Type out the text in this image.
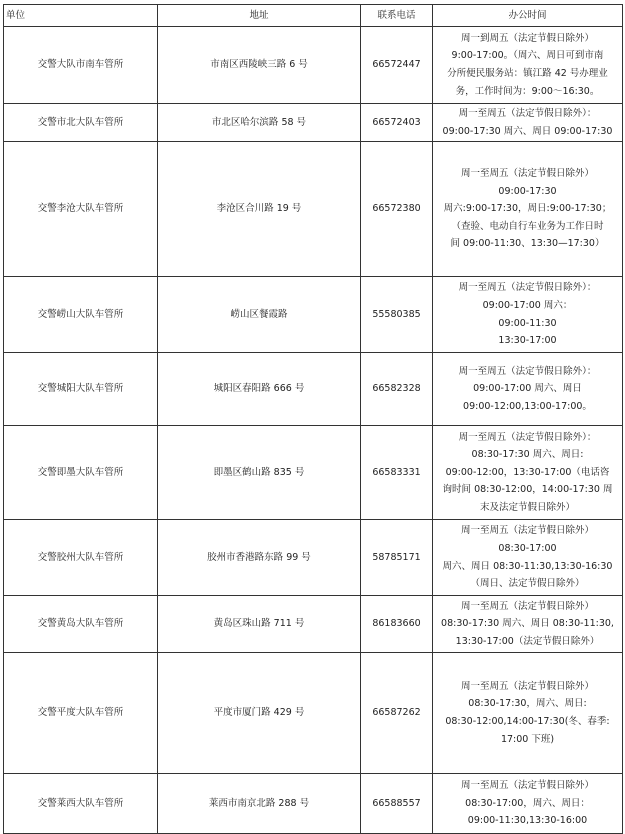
单位	地址	联系电话	办公时间
交警大队市南车管所	市南区西陵峡三路 6 号	66572447	周一到周五（法定节假日除外）
9:00-17:00。（周六、周日可到市南
分所便民服务站：镇江路 42 号办理业
务，工作时间为：9:00～16:30。

交警市北大队车管所	市北区哈尔滨路 58 号	66572403	周一至周五（法定节假日除外）：
09:00-17:30 周六、周日 09:00-17:30

交警李沧大队车管所	李沧区合川路 19 号	66572380	周一至周五（法定节假日除外）
09:00-17:30
周六:9:00-17:30，周日:9:00-17:30；
（查验、电动自行车业务为工作日时
间 09:00-11:30、13:30—17:30）

交警崂山大队车管所	崂山区餐霞路	55580385	周一至周五（法定节假日除外）：
09:00-17:00 周六：
09:00-11:30
13:30-17:00

交警城阳大队车管所	城阳区春阳路 666 号	66582328	周一至周五（法定节假日除外）：
09:00-17:00 周六、周日
09:00-12:00,13:00-17:00。

交警即墨大队车管所	即墨区鹤山路 835 号	66583331	周一至周五（法定节假日除外）：
08:30-17:30 周六、周日:
09:00-12:00，13:30-17:00（电话咨
询时间 08:30-12:00，14:00-17:30 周
末及法定节假日除外）

交警胶州大队车管所	胶州市香港路东路 99 号	58785171	周一至周五（法定节假日除外）
08:30-17:00
周六、周日 08:30-11:30,13:30-16:30
（周日、法定节假日除外）

交警黄岛大队车管所	黄岛区珠山路 711 号	86183660	周一至周五（法定节假日除外）
08:30-17:30 周六、周日 08:30-11:30,
13:30-17:00（法定节假日除外）

交警平度大队车管所	平度市厦门路 429 号	66587262	周一至周五（法定节假日除外）
08:30-17:30，周六、周日:
08:30-12:00,14:00-17:30(冬、春季:
17:00 下班)

交警莱西大队车管所	莱西市南京北路 288 号	66588557	周一至周五（法定节假日除外）
08:30-17:00，周六、周日：
09:00-11:30,13:30-16:00
